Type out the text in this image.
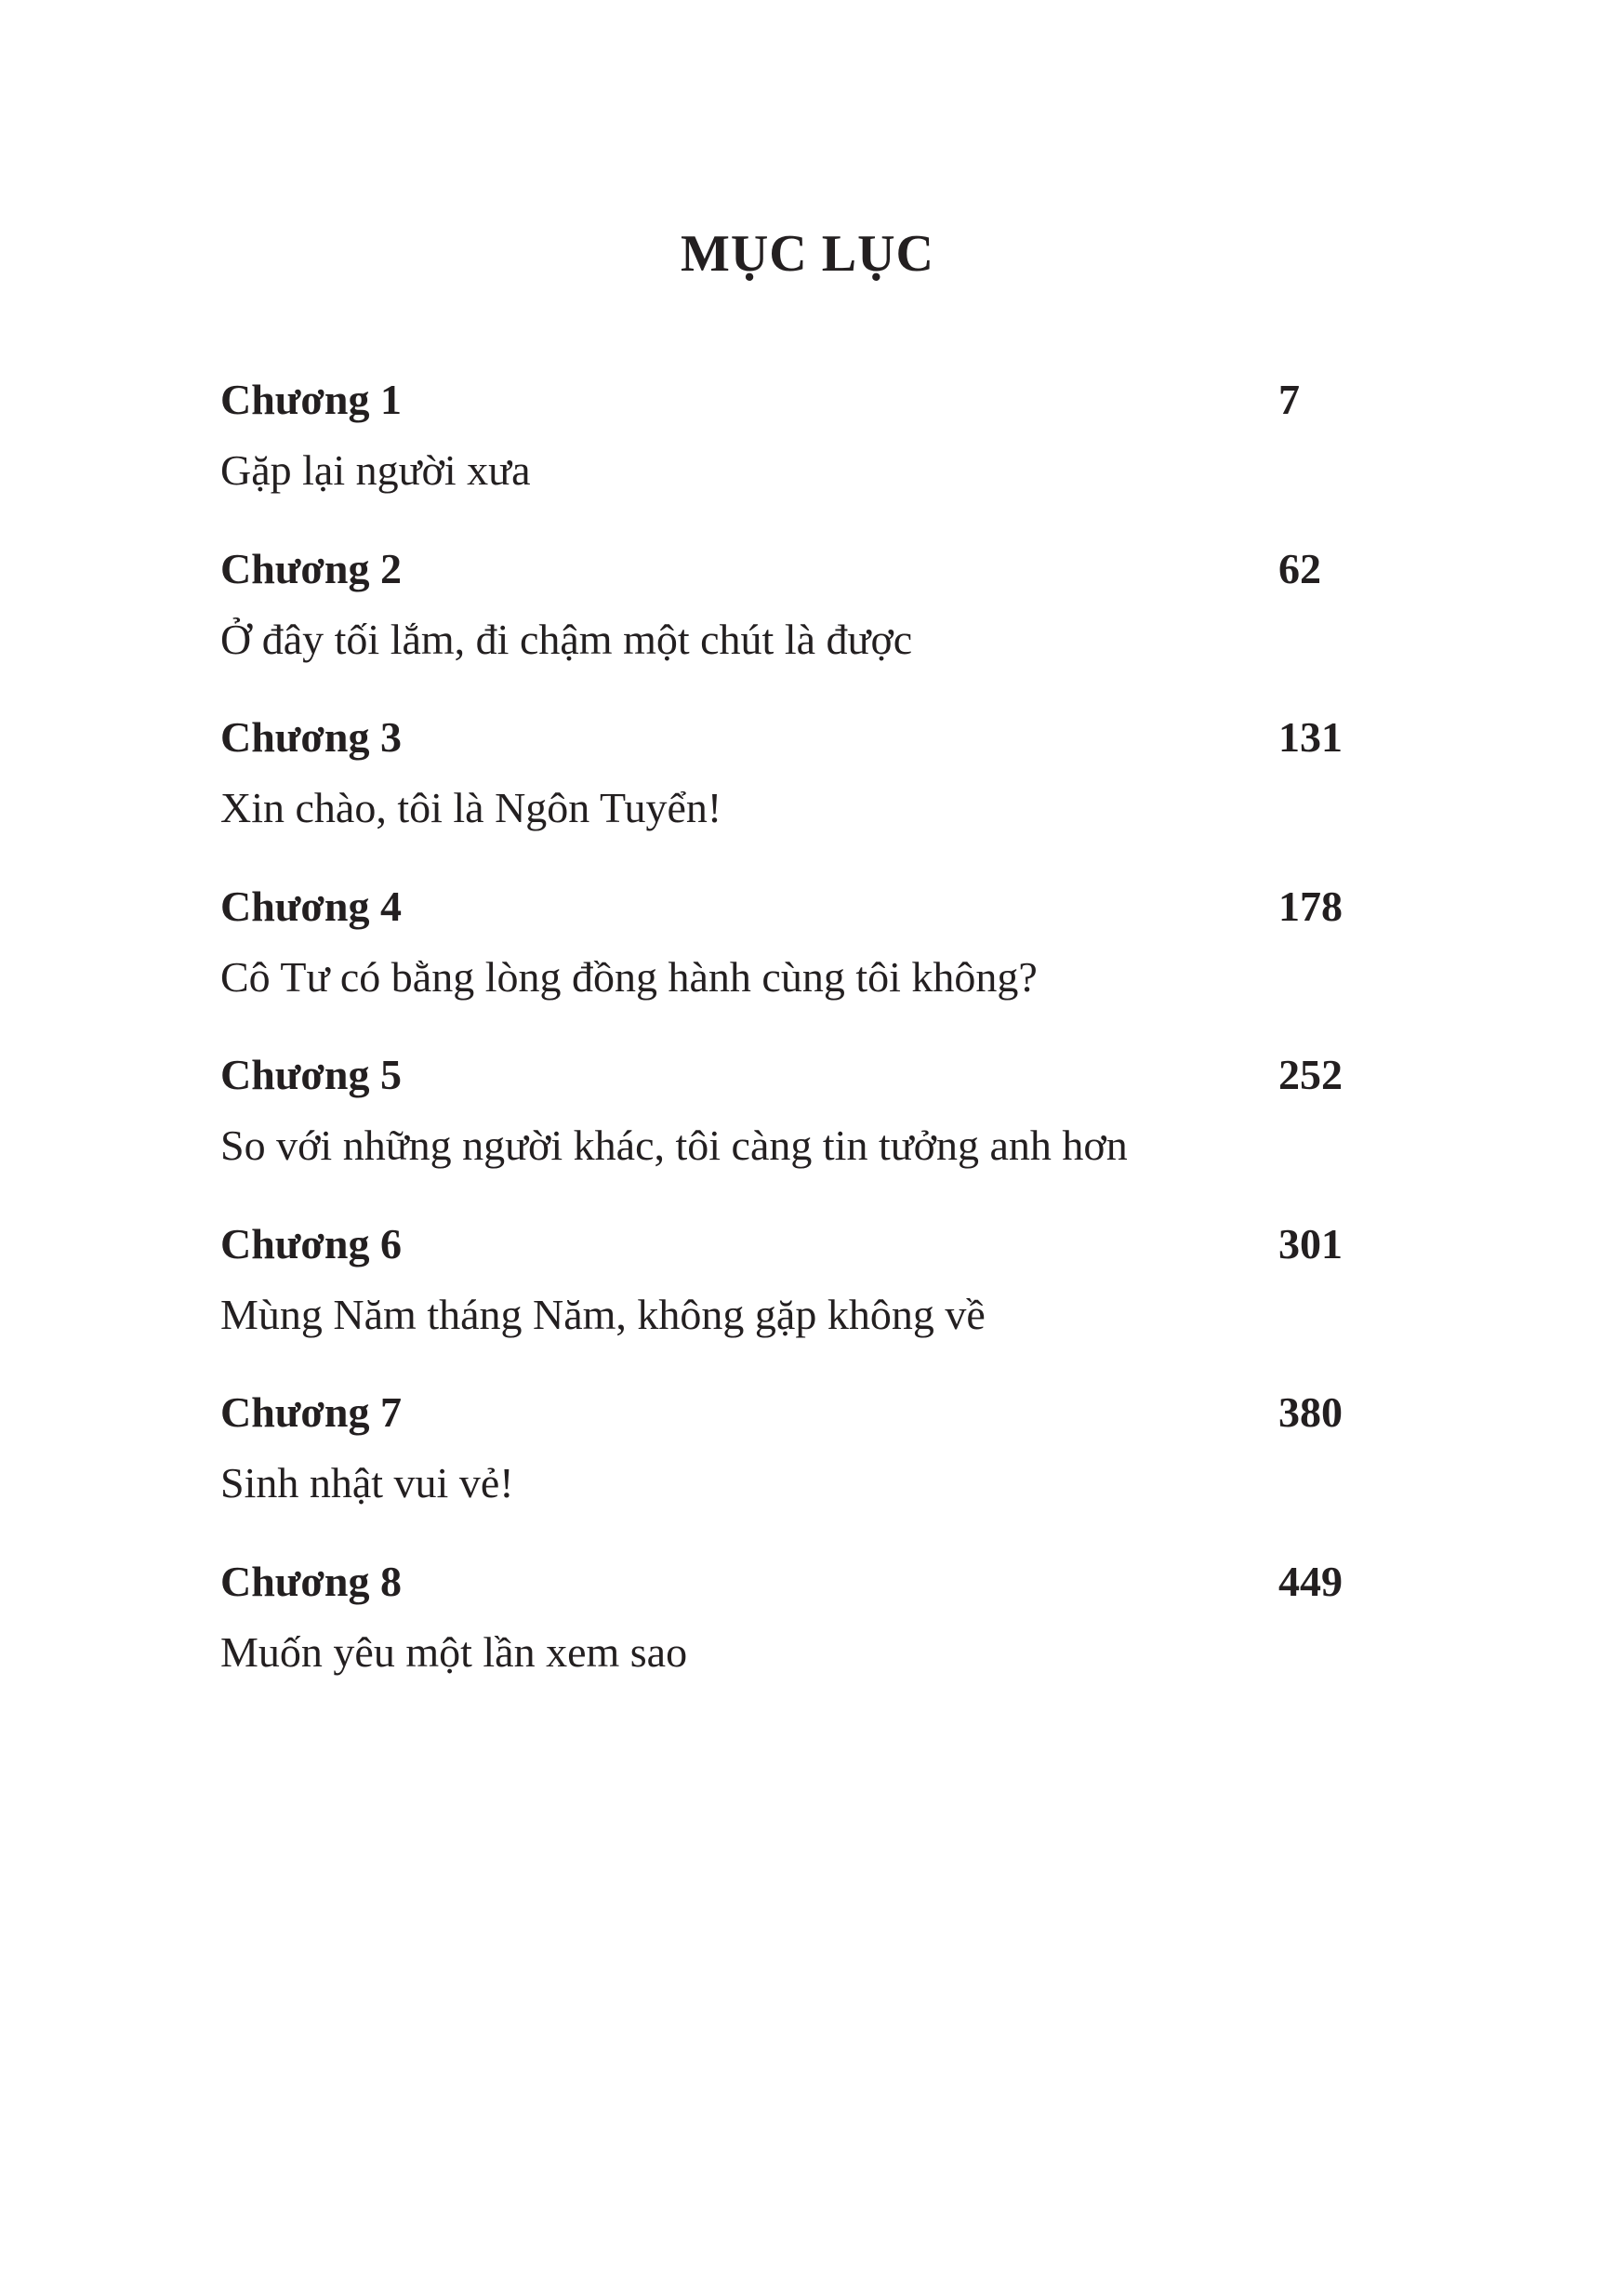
MỤC LỤC
Chương 1	7
Gặp lại người xưa
Chương 2	62
Ở đây tối lắm, đi chậm một chút là được
Chương 3	131
Xin chào, tôi là Ngôn Tuyển!
Chương 4	178
Cô Tư có bằng lòng đồng hành cùng tôi không?
Chương 5	252
So với những người khác, tôi càng tin tưởng anh hơn
Chương 6	301
Mùng Năm tháng Năm, không gặp không về
Chương 7	380
Sinh nhật vui vẻ!
Chương 8	449
Muốn yêu một lần xem sao
